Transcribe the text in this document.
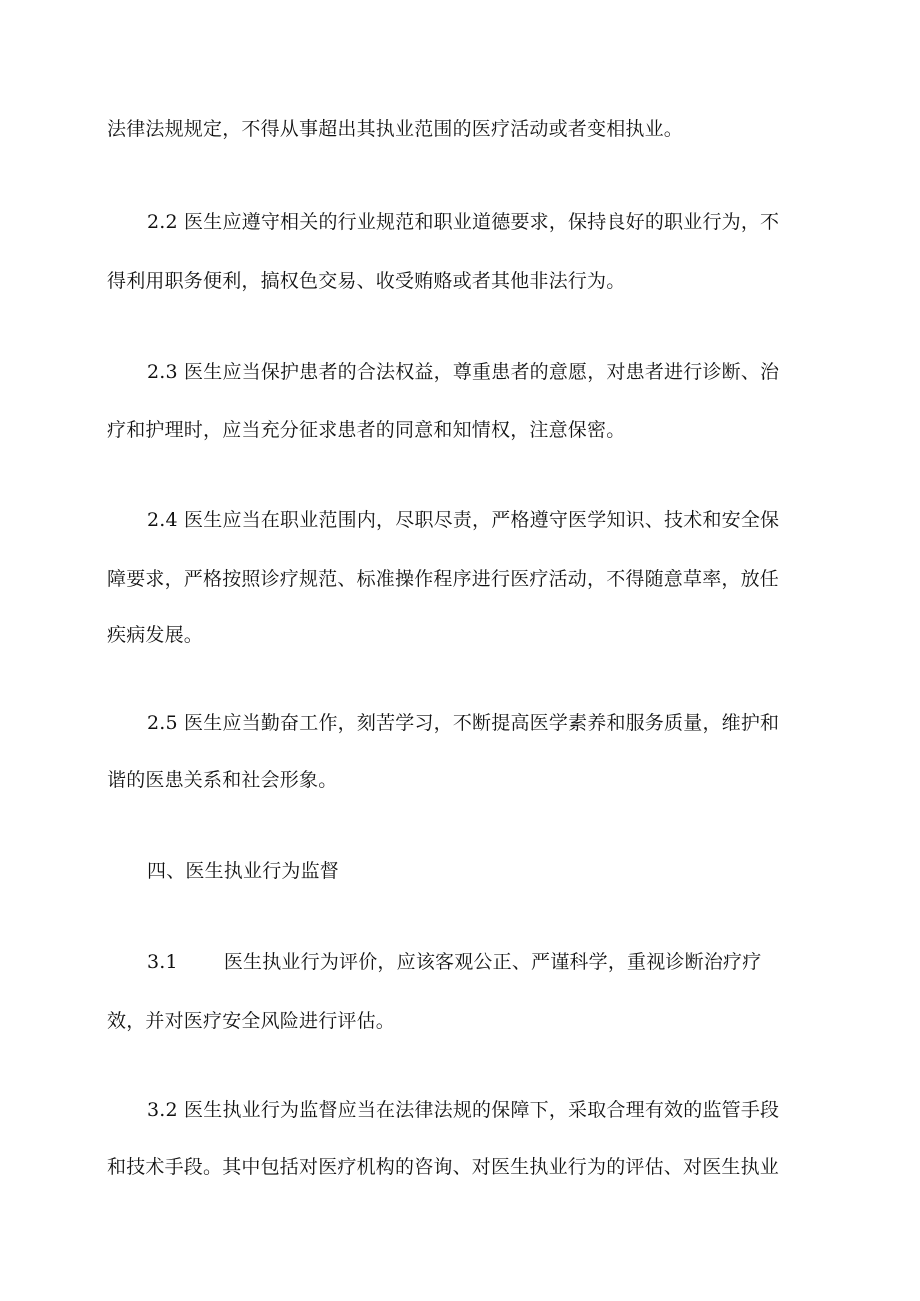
法律法规规定，不得从事超出其执业范围的医疗活动或者变相执业。
2.2 医生应遵守相关的行业规范和职业道德要求，保持良好的职业行为，不
得利用职务便利，搞权色交易、收受贿赂或者其他非法行为。
2.3 医生应当保护患者的合法权益，尊重患者的意愿，对患者进行诊断、治
疗和护理时，应当充分征求患者的同意和知情权，注意保密。
2.4 医生应当在职业范围内，尽职尽责，严格遵守医学知识、技术和安全保
障要求，严格按照诊疗规范、标准操作程序进行医疗活动，不得随意草率，放任
疾病发展。
2.5 医生应当勤奋工作，刻苦学习，不断提高医学素养和服务质量，维护和
谐的医患关系和社会形象。
四、医生执业行为监督
3.1 医生执业行为评价，应该客观公正、严谨科学，重视诊断治疗疗
效，并对医疗安全风险进行评估。
3.2 医生执业行为监督应当在法律法规的保障下，采取合理有效的监管手段
和技术手段。其中包括对医疗机构的咨询、对医生执业行为的评估、对医生执业
